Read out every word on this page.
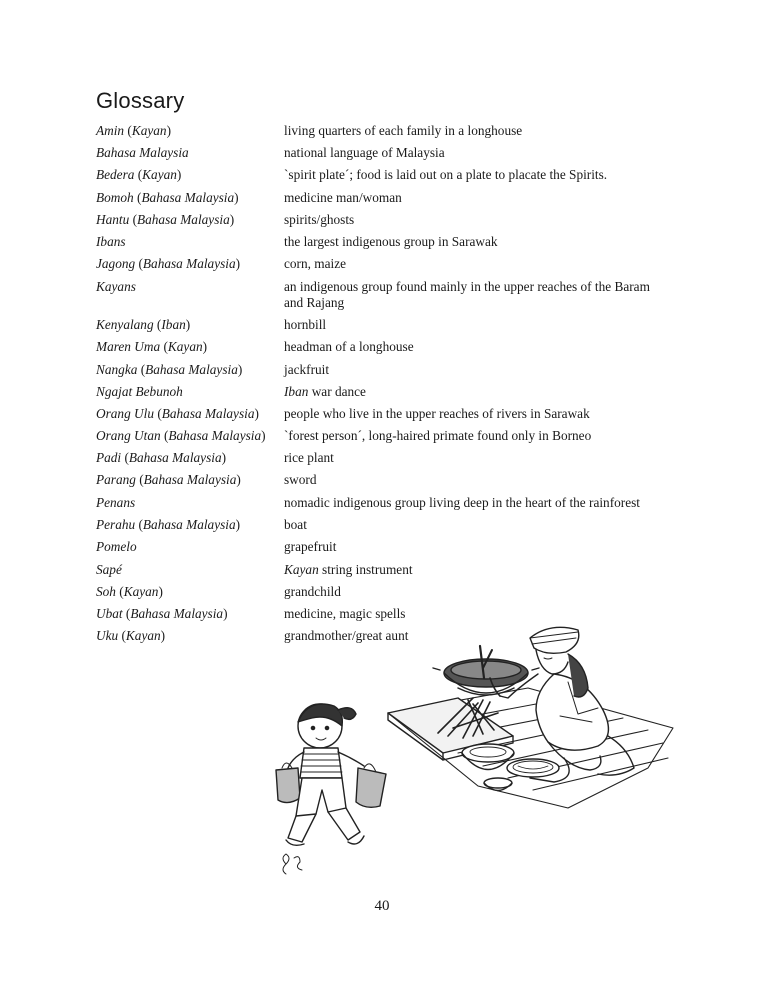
Glossary
Amin (Kayan)	living quarters of each family in a longhouse
Bahasa Malaysia	national language of Malaysia
Bedera (Kayan)	`spirit plate´; food is laid out on a plate to placate the Spirits.
Bomoh (Bahasa Malaysia)	medicine man/woman
Hantu (Bahasa Malaysia)	spirits/ghosts
Ibans	the largest indigenous group in Sarawak
Jagong (Bahasa Malaysia)	corn, maize
Kayans	an indigenous group found mainly in the upper reaches of the Baram and Rajang
Kenyalang (Iban)	hornbill
Maren Uma (Kayan)	headman of a longhouse
Nangka (Bahasa Malaysia)	jackfruit
Ngajat Bebunoh	Iban war dance
Orang Ulu (Bahasa Malaysia)	people who live in the upper reaches of rivers in Sarawak
Orang Utan (Bahasa Malaysia)	`forest person´, long-haired primate found only in Borneo
Padi (Bahasa Malaysia)	rice plant
Parang (Bahasa Malaysia)	sword
Penans	nomadic indigenous group living deep in the heart of the rainforest
Perahu (Bahasa Malaysia)	boat
Pomelo	grapefruit
Sapé	Kayan string instrument
Soh (Kayan)	grandchild
Ubat (Bahasa Malaysia)	medicine, magic spells
Uku (Kayan)	grandmother/great aunt
40
